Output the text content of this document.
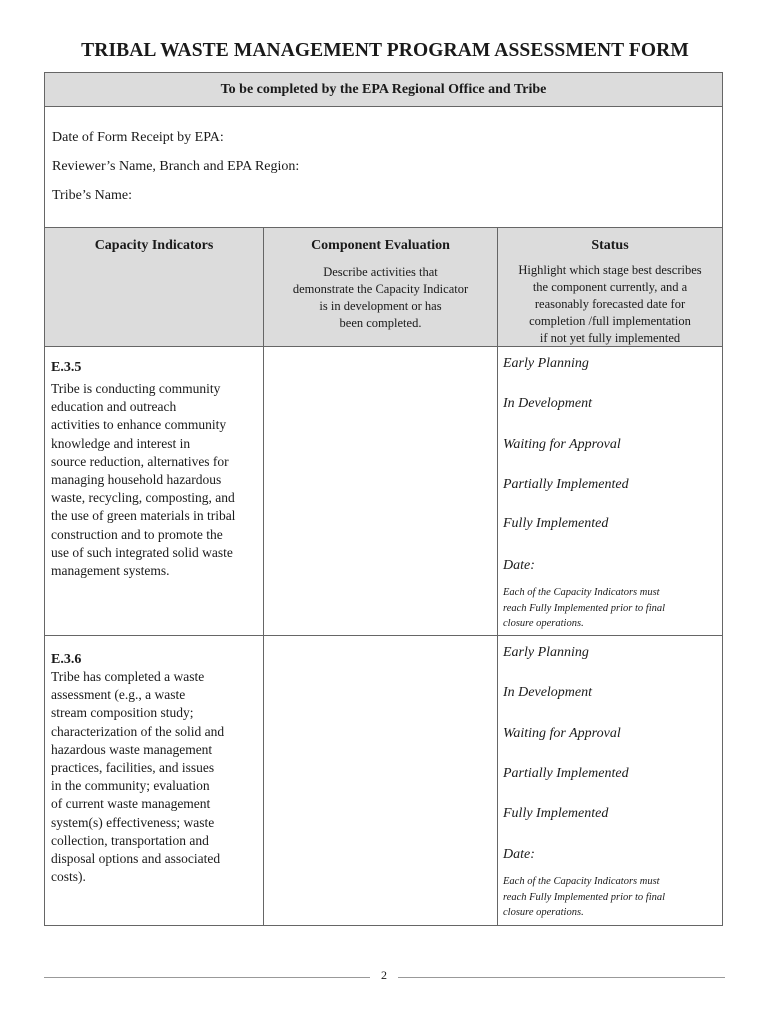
TRIBAL WASTE MANAGEMENT PROGRAM ASSESSMENT FORM
To be completed by the EPA Regional Office and Tribe
Date of Form Receipt by EPA:
Reviewer’s Name, Branch and EPA Region:
Tribe’s Name:
Capacity Indicators	Component Evaluation
Describe activities that
demonstrate the Capacity Indicator
is in development or has
been completed.
Status
Highlight which stage best describes
the component currently, and a
reasonably forecasted date for
completion /full implementation
if not yet fully implemented
E.3.5
Tribe is conducting community
education and outreach
activities to enhance community
knowledge and interest in
source reduction, alternatives for
managing household hazardous
waste, recycling, composting, and
the use of green materials in tribal
construction and to promote the
use of such integrated solid waste
management systems.
Early Planning
In Development
Waiting for Approval
Partially Implemented
Fully Implemented
Date:
Each of the Capacity Indicators must
reach Fully Implemented prior to final
closure operations.
E.3.6
Tribe has completed a waste
assessment (e.g., a waste
stream composition study;
characterization of the solid and
hazardous waste management
practices, facilities, and issues
in the community; evaluation
of current waste management
system(s) effectiveness; waste
collection, transportation and
disposal options and associated
costs).
Early Planning
In Development
Waiting for Approval
Partially Implemented
Fully Implemented
Date:
Each of the Capacity Indicators must
reach Fully Implemented prior to final
closure operations.
2
